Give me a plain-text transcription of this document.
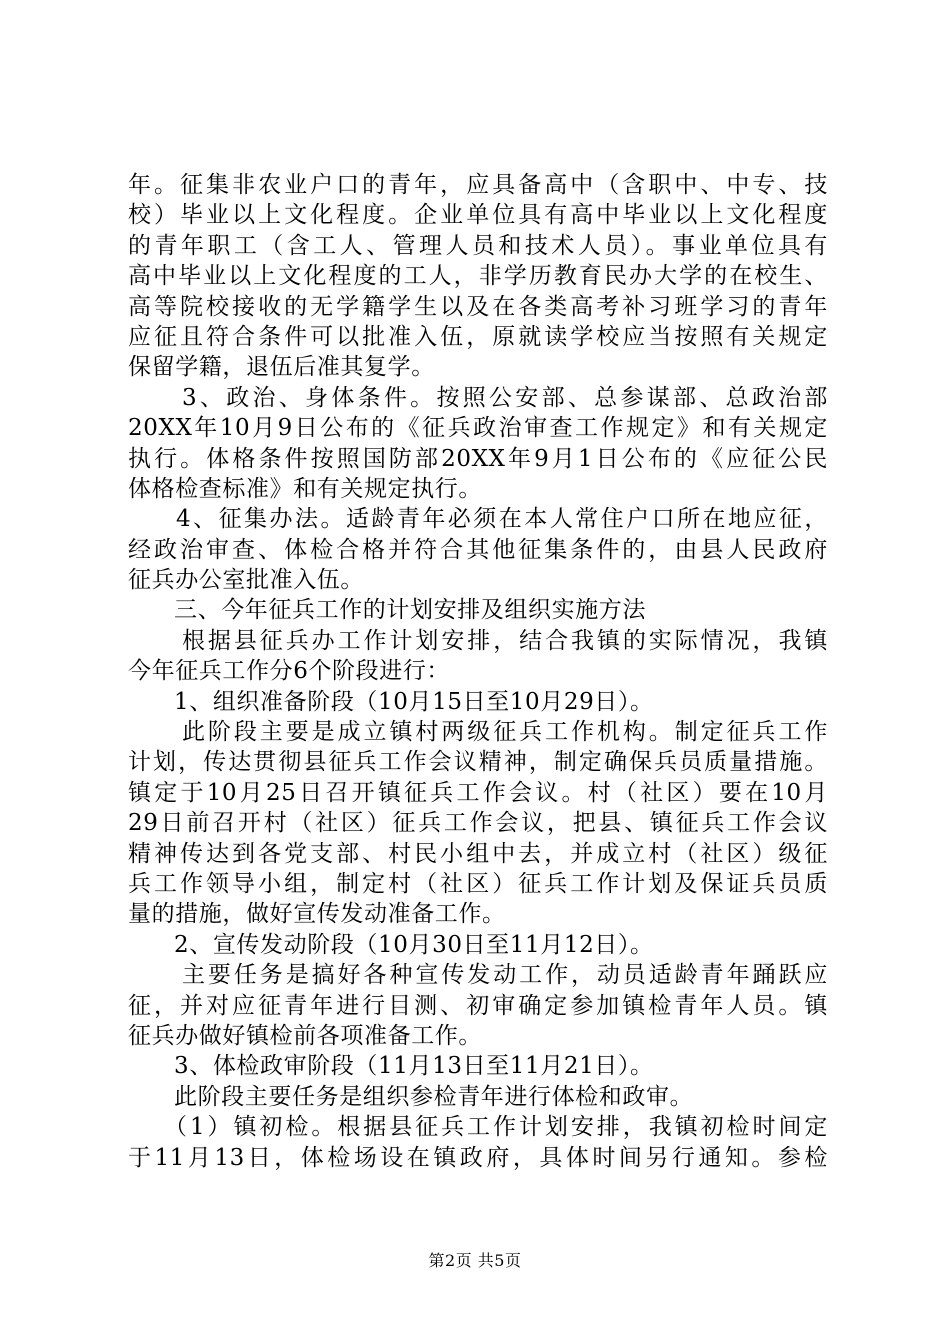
年。征集非农业户口的青年，应具备高中（含职中、中专、技
校）毕业以上文化程度。企业单位具有高中毕业以上文化程度
的青年职工（含工人、管理人员和技术人员）。事业单位具有
高中毕业以上文化程度的工人，非学历教育民办大学的在校生、
高等院校接收的无学籍学生以及在各类高考补习班学习的青年
应征且符合条件可以批准入伍，原就读学校应当按照有关规定
保留学籍，退伍后准其复学。
3、政治、身体条件。按照公安部、总参谋部、总政治部
20XX年10月9日公布的《征兵政治审查工作规定》和有关规定
执行。体格条件按照国防部20XX年9月1日公布的《应征公民
体格检查标准》和有关规定执行。
4、征集办法。适龄青年必须在本人常住户口所在地应征，
经政治审查、体检合格并符合其他征集条件的，由县人民政府
征兵办公室批准入伍。
三、今年征兵工作的计划安排及组织实施方法
根据县征兵办工作计划安排，结合我镇的实际情况，我镇
今年征兵工作分6个阶段进行：
1、组织准备阶段（10月15日至10月29日）。
此阶段主要是成立镇村两级征兵工作机构。制定征兵工作
计划，传达贯彻县征兵工作会议精神，制定确保兵员质量措施。
镇定于10月25日召开镇征兵工作会议。村（社区）要在10月
29日前召开村（社区）征兵工作会议，把县、镇征兵工作会议
精神传达到各党支部、村民小组中去，并成立村（社区）级征
兵工作领导小组，制定村（社区）征兵工作计划及保证兵员质
量的措施，做好宣传发动准备工作。
2、宣传发动阶段（10月30日至11月12日）。
主要任务是搞好各种宣传发动工作，动员适龄青年踊跃应
征，并对应征青年进行目测、初审确定参加镇检青年人员。镇
征兵办做好镇检前各项准备工作。
3、体检政审阶段（11月13日至11月21日）。
此阶段主要任务是组织参检青年进行体检和政审。
（1）镇初检。根据县征兵工作计划安排，我镇初检时间定
于11月13日，体检场设在镇政府，具体时间另行通知。参检
第2页 共5页
